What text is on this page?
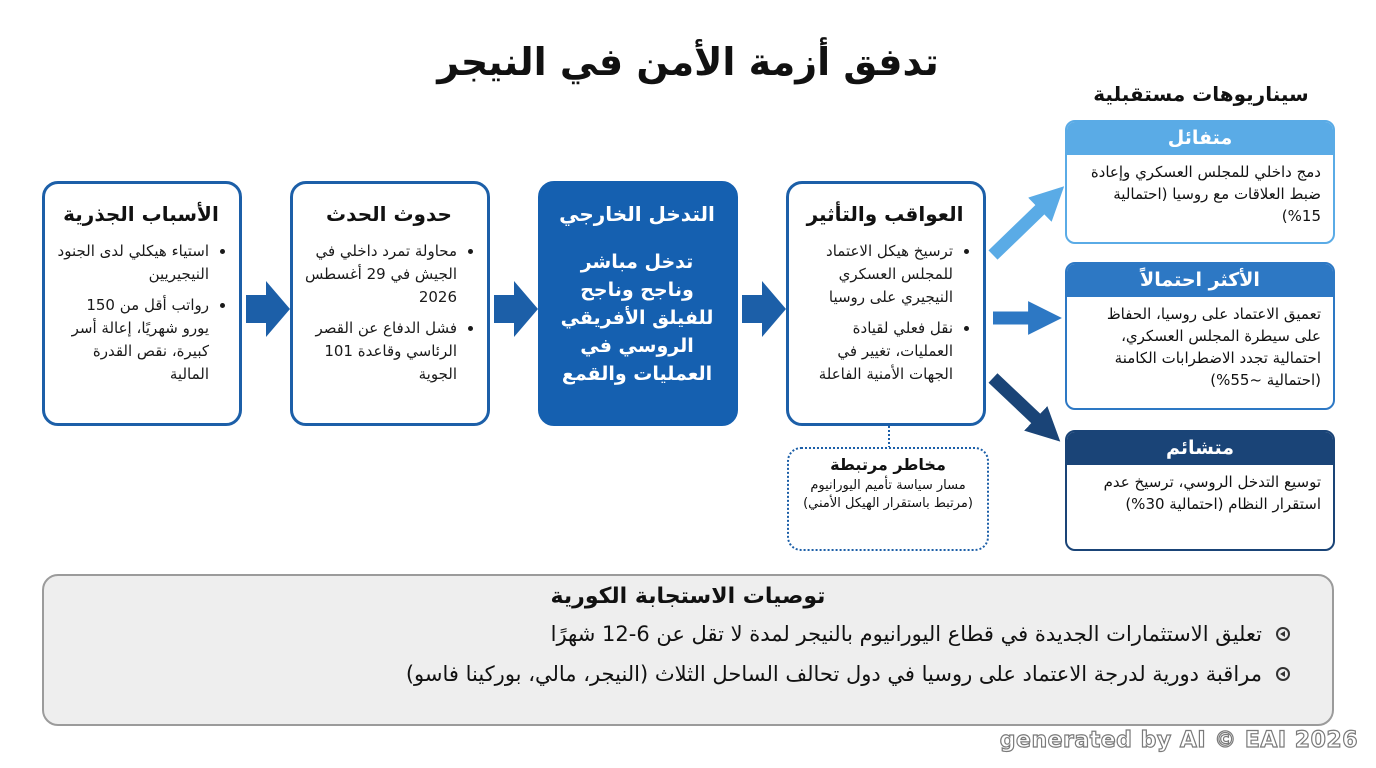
تدفق أزمة الأمن في النيجر
الأسباب الجذرية
• استياء هيكلي لدى الجنود النيجيريين
• رواتب أقل من 150 يورو شهريًا، إعالة أسر كبيرة، نقص القدرة المالية
حدوث الحدث
• محاولة تمرد داخلي في الجيش في 29 أغسطس 2026
• فشل الدفاع عن القصر الرئاسي وقاعدة 101 الجوية
التدخل الخارجي

تدخل مباشر وناجح وناجح للفيلق الأفريقي الروسي في العمليات والقمع

العواقب والتأثير
• ترسيخ هيكل الاعتماد للمجلس العسكري النيجيري على روسيا
• نقل فعلي لقيادة العمليات، تغيير في الجهات الأمنية الفاعلة
مخاطر مرتبطة
مسار سياسة تأميم اليورانيوم (مرتبط باستقرار الهيكل الأمني)
سيناريوهات مستقبلية
متفائل
دمج داخلي للمجلس العسكري وإعادة ضبط العلاقات مع روسيا (احتمالية 15%)
الأكثر احتمالاً
تعميق الاعتماد على روسيا، الحفاظ على سيطرة المجلس العسكري، احتمالية تجدد الاضطرابات الكامنة (احتمالية ~55%)
متشائم
توسيع التدخل الروسي، ترسيخ عدم استقرار النظام (احتمالية 30%)
توصيات الاستجابة الكورية
تعليق الاستثمارات الجديدة في قطاع اليورانيوم بالنيجر لمدة لا تقل عن 6-12 شهرًا
مراقبة دورية لدرجة الاعتماد على روسيا في دول تحالف الساحل الثلاث (النيجر، مالي، بوركينا فاسو)
generated by AI © EAI 2026
